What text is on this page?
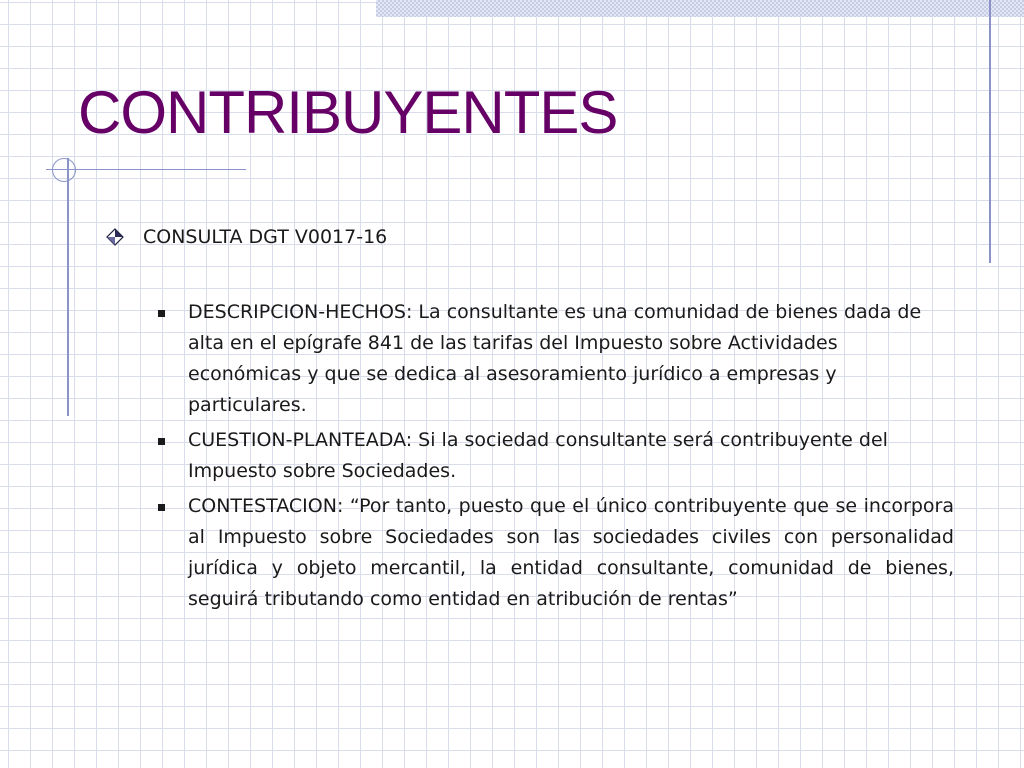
CONTRIBUYENTES
CONSULTA DGT V0017-16
DESCRIPCION-HECHOS: La consultante es una comunidad de bienes dada de alta en el epígrafe 841 de las tarifas del Impuesto sobre Actividades económicas y que se dedica al asesoramiento jurídico a empresas y particulares.
CUESTION-PLANTEADA: Si la sociedad consultante será contribuyente del Impuesto sobre Sociedades.
CONTESTACION: “Por tanto, puesto que el único contribuyente que se incorpora al Impuesto sobre Sociedades son las sociedades civiles con personalidad jurídica y objeto mercantil, la entidad consultante, comunidad de bienes, seguirá tributando como entidad en atribución de rentas”
